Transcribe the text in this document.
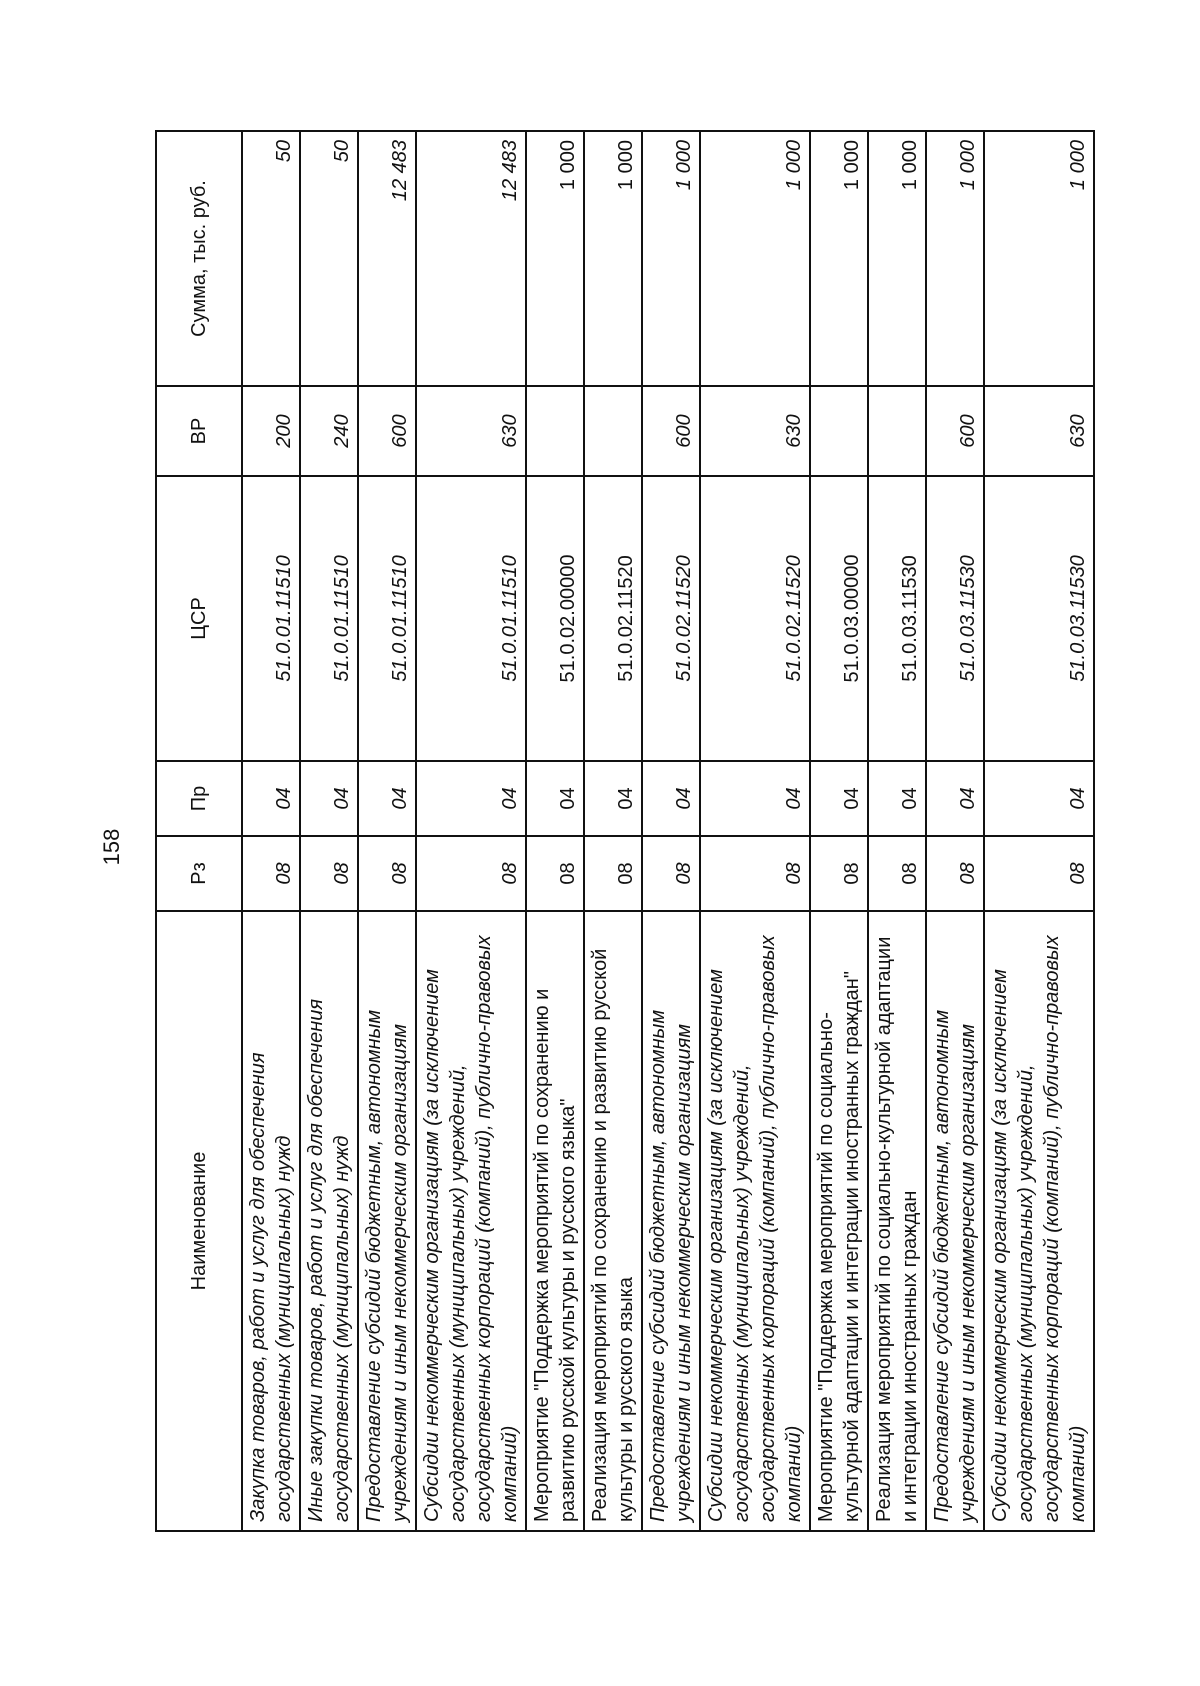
158
Наименование	Рз	Пр	ЦСР	ВР	Сумма, тыс. руб.
Закупка товаров, работ и услуг для обеспечения государственных (муниципальных) нужд	08	04	51.0.01.11510	200	50
Иные закупки товаров, работ и услуг для обеспечения государственных (муниципальных) нужд	08	04	51.0.01.11510	240	50
Предоставление субсидий бюджетным, автономным учреждениям и иным некоммерческим организациям	08	04	51.0.01.11510	600	12 483
Субсидии некоммерческим организациям (за исключением государственных (муниципальных) учреждений, государственных корпораций (компаний), публично-правовых компаний)	08	04	51.0.01.11510	630	12 483
Мероприятие "Поддержка мероприятий по сохранению и развитию русской культуры и русского языка"	08	04	51.0.02.00000		1 000
Реализация мероприятий по сохранению и развитию русской культуры и русского языка	08	04	51.0.02.11520		1 000
Предоставление субсидий бюджетным, автономным учреждениям и иным некоммерческим организациям	08	04	51.0.02.11520	600	1 000
Субсидии некоммерческим организациям (за исключением государственных (муниципальных) учреждений, государственных корпораций (компаний), публично-правовых компаний)	08	04	51.0.02.11520	630	1 000
Мероприятие "Поддержка мероприятий по социально-культурной адаптации и интеграции иностранных граждан"	08	04	51.0.03.00000		1 000
Реализация мероприятий по социально-культурной адаптации и интеграции иностранных граждан	08	04	51.0.03.11530		1 000
Предоставление субсидий бюджетным, автономным учреждениям и иным некоммерческим организациям	08	04	51.0.03.11530	600	1 000
Субсидии некоммерческим организациям (за исключением государственных (муниципальных) учреждений, государственных корпораций (компаний), публично-правовых компаний)	08	04	51.0.03.11530	630	1 000
